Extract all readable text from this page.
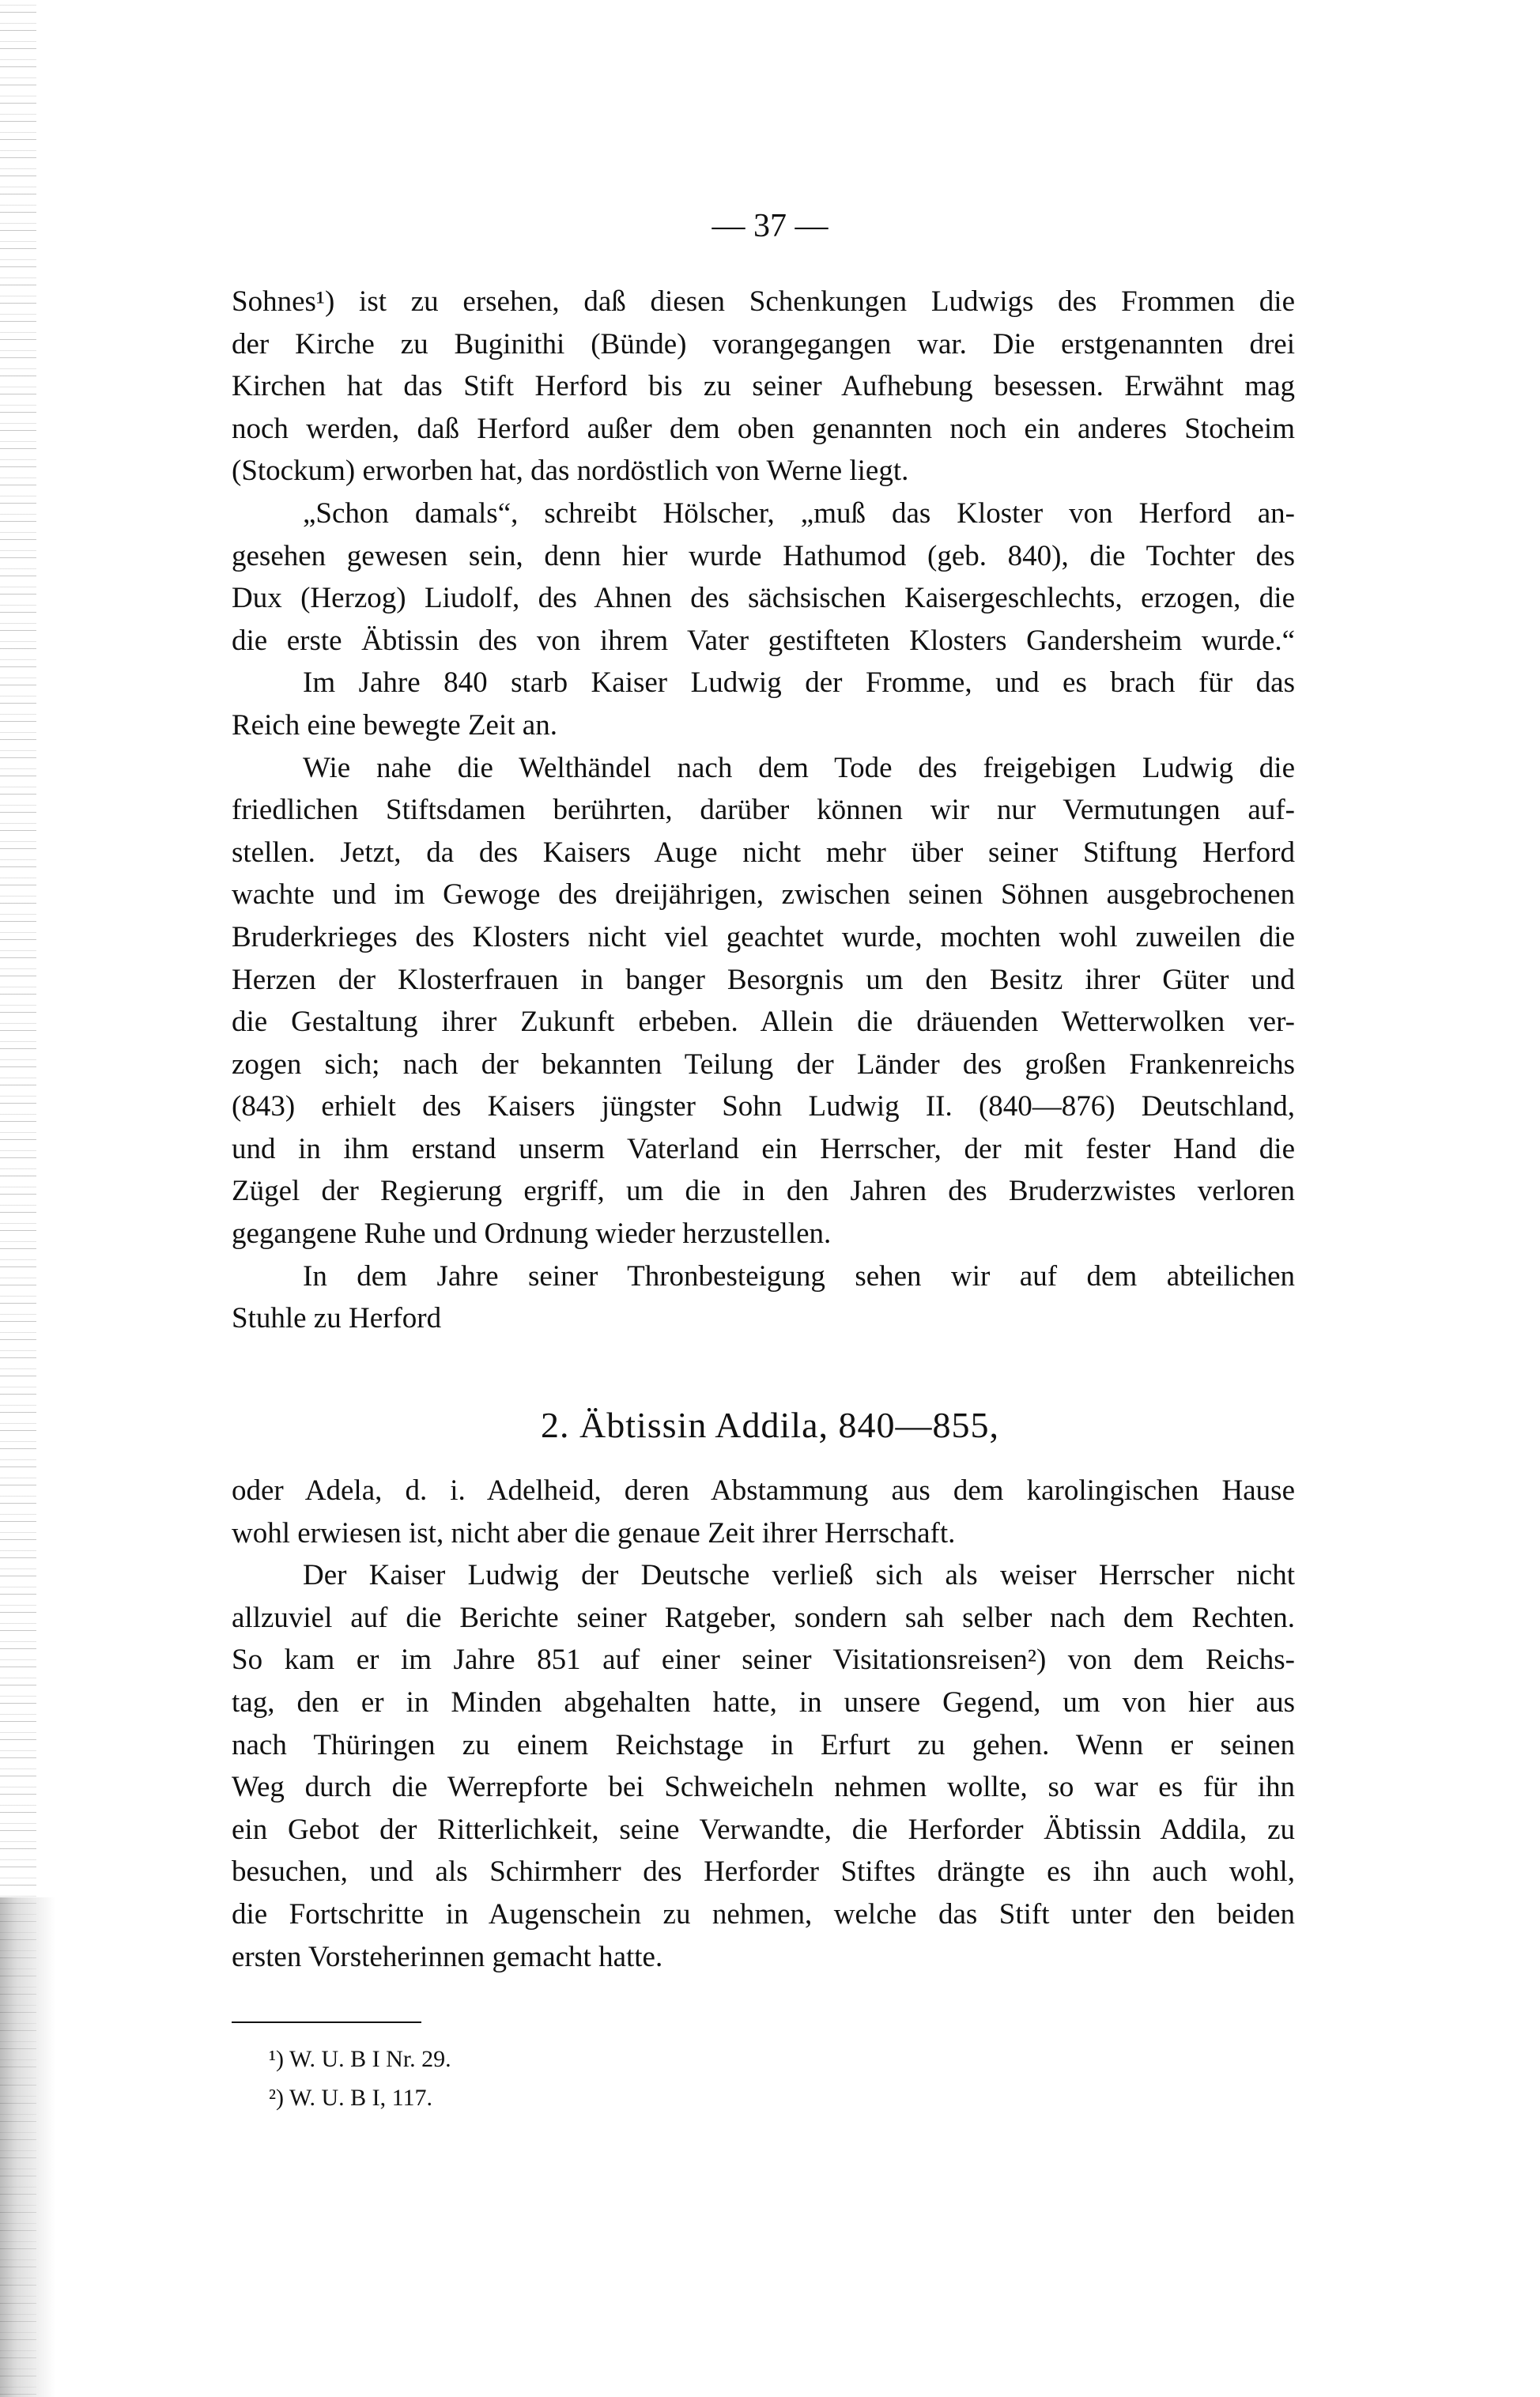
— 37 —
Sohnes¹) ist zu ersehen, daß diesen Schenkungen Ludwigs des Frommen die
der Kirche zu Buginithi (Bünde) vorangegangen war. Die erstgenannten drei
Kirchen hat das Stift Herford bis zu seiner Aufhebung besessen. Erwähnt mag
noch werden, daß Herford außer dem oben genannten noch ein anderes Stocheim
(Stockum) erworben hat, das nordöstlich von Werne liegt.
„Schon damals“, schreibt Hölscher, „muß das Kloster von Herford an-
gesehen gewesen sein, denn hier wurde Hathumod (geb. 840), die Tochter des
Dux (Herzog) Liudolf, des Ahnen des sächsischen Kaisergeschlechts, erzogen, die
die erste Äbtissin des von ihrem Vater gestifteten Klosters Gandersheim wurde.“
Im Jahre 840 starb Kaiser Ludwig der Fromme, und es brach für das
Reich eine bewegte Zeit an.
Wie nahe die Welthändel nach dem Tode des freigebigen Ludwig die
friedlichen Stiftsdamen berührten, darüber können wir nur Vermutungen auf-
stellen. Jetzt, da des Kaisers Auge nicht mehr über seiner Stiftung Herford
wachte und im Gewoge des dreijährigen, zwischen seinen Söhnen ausgebrochenen
Bruderkrieges des Klosters nicht viel geachtet wurde, mochten wohl zuweilen die
Herzen der Klosterfrauen in banger Besorgnis um den Besitz ihrer Güter und
die Gestaltung ihrer Zukunft erbeben. Allein die dräuenden Wetterwolken ver-
zogen sich; nach der bekannten Teilung der Länder des großen Frankenreichs
(843) erhielt des Kaisers jüngster Sohn Ludwig II. (840—876) Deutschland,
und in ihm erstand unserm Vaterland ein Herrscher, der mit fester Hand die
Zügel der Regierung ergriff, um die in den Jahren des Bruderzwistes verloren
gegangene Ruhe und Ordnung wieder herzustellen.
In dem Jahre seiner Thronbesteigung sehen wir auf dem abteilichen
Stuhle zu Herford
2. Äbtissin Addila, 840—855,
oder Adela, d. i. Adelheid, deren Abstammung aus dem karolingischen Hause
wohl erwiesen ist, nicht aber die genaue Zeit ihrer Herrschaft.
Der Kaiser Ludwig der Deutsche verließ sich als weiser Herrscher nicht
allzuviel auf die Berichte seiner Ratgeber, sondern sah selber nach dem Rechten.
So kam er im Jahre 851 auf einer seiner Visitationsreisen²) von dem Reichs-
tag, den er in Minden abgehalten hatte, in unsere Gegend, um von hier aus
nach Thüringen zu einem Reichstage in Erfurt zu gehen. Wenn er seinen
Weg durch die Werrepforte bei Schweicheln nehmen wollte, so war es für ihn
ein Gebot der Ritterlichkeit, seine Verwandte, die Herforder Äbtissin Addila, zu
besuchen, und als Schirmherr des Herforder Stiftes drängte es ihn auch wohl,
die Fortschritte in Augenschein zu nehmen, welche das Stift unter den beiden
ersten Vorsteherinnen gemacht hatte.
¹) W. U. B I Nr. 29.
²) W. U. B I, 117.
